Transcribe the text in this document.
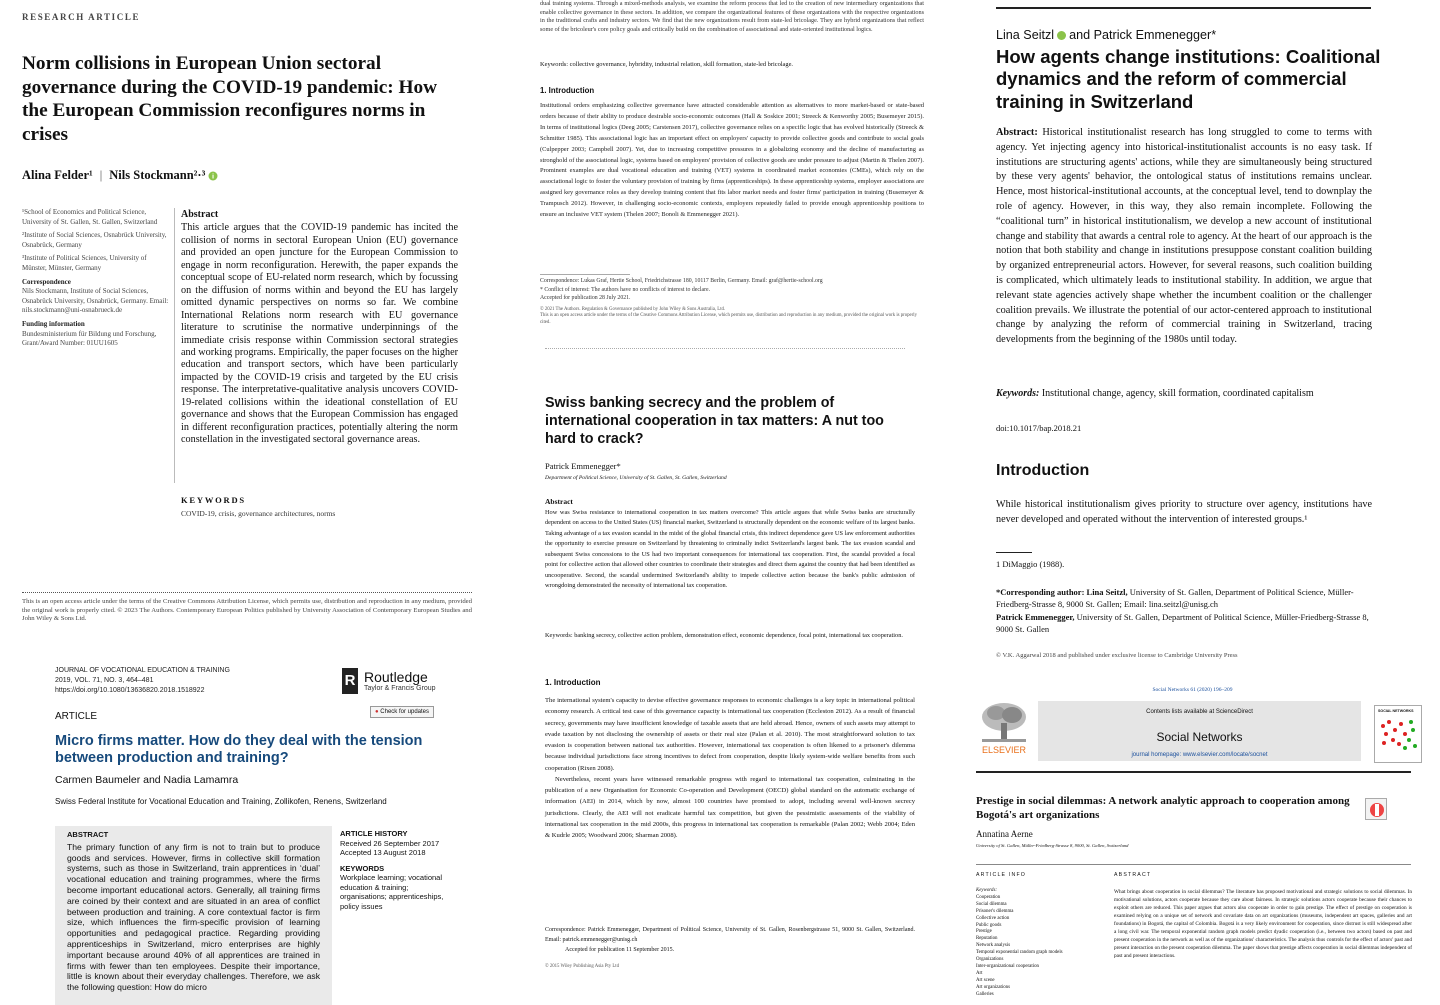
RESEARCH ARTICLE
Norm collisions in European Union sectoral governance during the COVID-19 pandemic: How the European Commission reconfigures norms in crises
Alina Felder¹ | Nils Stockmann²·³ i

¹School of Economics and Political Science, University of St. Gallen, St. Gallen, Switzerland

²Institute of Social Sciences, Osnabrück University, Osnabrück, Germany

³Institute of Political Sciences, University of Münster, Münster, Germany

Correspondence
Nils Stockmann, Institute of Social Sciences, Osnabrück University, Osnabrück, Germany. Email: nils.stockmann@uni-osnabrueck.de

Funding information
Bundesministerium für Bildung und Forschung, Grant/Award Number: 01UU1605

Abstract

This article argues that the COVID-19 pandemic has incited the collision of norms in sectoral European Union (EU) governance and provided an open juncture for the European Commission to engage in norm reconfiguration. Herewith, the paper expands the conceptual scope of EU-related norm research, which by focussing on the diffusion of norms within and beyond the EU has largely omitted dynamic perspectives on norms so far. We combine International Relations norm research with EU governance literature to scrutinise the normative underpinnings of the immediate crisis response within Commission sectoral strategies and working programs. Empirically, the paper focuses on the higher education and transport sectors, which have been particularly impacted by the COVID-19 crisis and targeted by the EU crisis response. The interpretative-qualitative analysis uncovers COVID-19-related collisions within the ideational constellation of EU governance and shows that the European Commission has engaged in different reconfiguration practices, potentially altering the norm constellation in the investigated sectoral governance areas.

KEYWORDS
COVID-19, crisis, governance architectures, norms
This is an open access article under the terms of the Creative Commons Attribution License, which permits use, distribution and reproduction in any medium, provided the original work is properly cited. © 2023 The Authors. Contemporary European Politics published by University Association of Contemporary European Studies and John Wiley & Sons Ltd.
JOURNAL OF VOCATIONAL EDUCATION & TRAINING
2019, VOL. 71, NO. 3, 464–481
https://doi.org/10.1080/13636820.2018.1518922
R Routledge
Taylor & Francis Group
ARTICLE	● Check for updates
Micro firms matter. How do they deal with the tension between production and training?
Carmen Baumeler and Nadia Lamamra
Swiss Federal Institute for Vocational Education and Training, Zollikofen, Renens, Switzerland
ABSTRACT

The primary function of any firm is not to train but to produce goods and services. However, firms in collective skill formation systems, such as those in Switzerland, train apprentices in ‘dual’ vocational education and training programmes, where the firms become important educational actors. Generally, all training firms are coined by their context and are situated in an area of conflict between production and training. A core contextual factor is firm size, which influences the firm-specific provision of learning opportunities and pedagogical practice. Regarding providing apprenticeships in Switzerland, micro enterprises are highly important because around 40% of all apprentices are trained in firms with fewer than ten employees. Despite their importance, little is known about their everyday challenges. Therefore, we ask the following question: How do micro

ARTICLE HISTORY
Received 26 September 2017
Accepted 13 August 2018
KEYWORDS
Workplace learning; vocational education & training; organisations; apprenticeships, policy issues

dual training systems. Through a mixed-methods analysis, we examine the reform process that led to the creation of new intermediary organizations that enable collective governance in these sectors. In addition, we compare the organizational features of these organizations with the respective organizations in the traditional crafts and industry sectors. We find that the new organizations result from state-led bricolage. They are hybrid organizations that reflect some of the bricoleur's core policy goals and critically build on the combination of associational and state-oriented institutional logics.

Keywords: collective governance, hybridity, industrial relation, skill formation, state-led bricolage.
1. Introduction

Institutional orders emphasizing collective governance have attracted considerable attention as alternatives to more market-based or state-based orders because of their ability to produce desirable socio-economic outcomes (Hall & Soskice 2001; Streeck & Kenworthy 2005; Busemeyer 2015). In terms of institutional logics (Deeg 2005; Carstensen 2017), collective governance relies on a specific logic that has evolved historically (Streeck & Schmitter 1985). This associational logic has an important effect on employers' capacity to provide collective goods and contribute to social goals (Culpepper 2003; Campbell 2007). Yet, due to increasing competitive pressures in a globalizing economy and the decline of manufacturing as stronghold of the associational logic, systems based on employers' provision of collective goods are under pressure to adjust (Martin & Thelen 2007). Prominent examples are dual vocational education and training (VET) systems in coordinated market economies (CMEs), which rely on the associational logic to foster the voluntary provision of training by firms (apprenticeships). In these apprenticeship systems, employer associations are assigned key governance roles as they develop training content that fits labor market needs and foster firms' participation in training (Busemeyer & Trampusch 2012). However, in challenging socio-economic contexts, employers repeatedly failed to provide enough apprenticeship positions to ensure an inclusive VET system (Thelen 2007; Bonoli & Emmenegger 2021).

Correspondence: Lukas Graf, Hertie School, Friedrichstrasse 180, 10117 Berlin, Germany. Email: graf@hertie-school.org
* Conflict of interest: The authors have no conflicts of interest to declare.
Accepted for publication 28 July 2021.
© 2021 The Authors. Regulation & Governance published by John Wiley & Sons Australia, Ltd.
This is an open access article under the terms of the Creative Commons Attribution License, which permits use, distribution and reproduction in any medium, provided the original work is properly cited.
Swiss banking secrecy and the problem of international cooperation in tax matters: A nut too hard to crack?
Patrick Emmenegger*
Department of Political Science, University of St. Gallen, St. Gallen, Switzerland
Abstract

How was Swiss resistance to international cooperation in tax matters overcome? This article argues that while Swiss banks are structurally dependent on access to the United States (US) financial market, Switzerland is structurally dependent on the economic welfare of its largest banks. Taking advantage of a tax evasion scandal in the midst of the global financial crisis, this indirect dependence gave US law enforcement authorities the opportunity to exercise pressure on Switzerland by threatening to criminally indict Switzerland's largest bank. The tax evasion scandal and subsequent Swiss concessions to the US had two important consequences for international tax cooperation. First, the scandal provided a focal point for collective action that allowed other countries to coordinate their strategies and direct them against the country that had been identified as uncooperative. Second, the scandal undermined Switzerland's ability to impede collective action because the bank's public admission of wrongdoing demonstrated the necessity of international tax cooperation.

Keywords: banking secrecy, collective action problem, demonstration effect, economic dependence, focal point, international tax cooperation.
1. Introduction

The international system's capacity to devise effective governance responses to economic challenges is a key topic in international political economy research. A critical test case of this governance capacity is international tax cooperation (Eccleston 2012). As a result of financial secrecy, governments may have insufficient knowledge of taxable assets that are held abroad. Hence, owners of such assets may attempt to evade taxation by not disclosing the ownership of assets or their real size (Palan et al. 2010). The most straightforward solution to tax evasion is cooperation between national tax authorities. However, international tax cooperation is often likened to a prisoner's dilemma because individual jurisdictions face strong incentives to defect from cooperation, despite likely system-wide welfare benefits from such cooperation (Rixen 2008).

Nevertheless, recent years have witnessed remarkable progress with regard to international tax cooperation, culminating in the publication of a new Organisation for Economic Co-operation and Development (OECD) global standard on the automatic exchange of information (AEI) in 2014, which by now, almost 100 countries have promised to adopt, including several well-known secrecy jurisdictions. Clearly, the AEI will not eradicate harmful tax competition, but given the pessimistic assessments of the viability of international tax cooperation in the mid 2000s, this progress in international tax cooperation is remarkable (Palan 2002; Webb 2004; Eden & Kudrle 2005; Woodward 2006; Sharman 2008).

Correspondence: Patrick Emmenegger, Department of Political Science, University of St. Gallen, Rosenbergstrasse 51, 9000 St. Gallen, Switzerland. Email: patrick.emmenegger@unisg.ch
Accepted for publication 11 September 2015.
© 2015 Wiley Publishing Asia Pty Ltd
Lina Seitzl and Patrick Emmenegger*
How agents change institutions: Coalitional dynamics and the reform of commercial training in Switzerland

Abstract: Historical institutionalist research has long struggled to come to terms with agency. Yet injecting agency into historical-institutionalist accounts is no easy task. If institutions are structuring agents' actions, while they are simultaneously being structured by these very agents' behavior, the ontological status of institutions remains unclear. Hence, most historical-institutional accounts, at the conceptual level, tend to downplay the role of agency. However, in this way, they also remain incomplete. Following the “coalitional turn” in historical institutionalism, we develop a new account of institutional change and stability that awards a central role to agency. At the heart of our approach is the notion that both stability and change in institutions presuppose constant coalition building by organized entrepreneurial actors. However, for several reasons, such coalition building is complicated, which ultimately leads to institutional stability. In addition, we argue that relevant state agencies actively shape whether the incumbent coalition or the challenger coalition prevails. We illustrate the potential of our actor-centered approach to institutional change by analyzing the reform of commercial training in Switzerland, tracing developments from the beginning of the 1980s until today.

Keywords: Institutional change, agency, skill formation, coordinated capitalism
doi:10.1017/bap.2018.21
Introduction

While historical institutionalism gives priority to structure over agency, institutions have never developed and operated without the intervention of interested groups.¹

1 DiMaggio (1988).
*Corresponding author: Lina Seitzl, University of St. Gallen, Department of Political Science, Müller-Friedberg-Strasse 8, 9000 St. Gallen; Email: lina.seitzl@unisg.ch
Patrick Emmenegger, University of St. Gallen, Department of Political Science, Müller-Friedberg-Strasse 8, 9000 St. Gallen
© V.K. Aggarwal 2018 and published under exclusive license to Cambridge University Press
Social Networks 61 (2020) 196–209
ELSEVIER
Contents lists available at ScienceDirect
Social Networks
journal homepage: www.elsevier.com/locate/socnet
SOCIAL NETWORKS
Prestige in social dilemmas: A network analytic approach to cooperation among Bogotá's art organizations
Annatina Aerne
University of St. Gallen, Müller-Friedberg-Strasse 8, 9000, St. Gallen, Switzerland
ARTICLE INFO
Keywords:
Cooperation
Social dilemma
Prisoner's dilemma
Collective action
Public goods
Prestige
Reputation
Network analysis
Temporal exponential random graph models
Organizations
Inter-organizational cooperation
Art
Art scene
Art organizations
Galleries
ABSTRACT

What brings about cooperation in social dilemmas? The literature has proposed motivational and strategic solutions to social dilemmas. In motivational solutions, actors cooperate because they care about fairness. In strategic solutions actors cooperate because their chances to exploit others are reduced. This paper argues that actors also cooperate in order to gain prestige. The effect of prestige on cooperation is examined relying on a unique set of network and covariate data on art organizations (museums, independent art spaces, galleries and art foundations) in Bogotá, the capital of Colombia. Bogotá is a very likely environment for cooperation, since distrust is still widespread after a long civil war. The temporal exponential random graph models predict dyadic cooperation (i.e., between two actors) based on past and present cooperation in the network as well as of the organizations' characteristics. The analysis thus controls for the effect of actors' past and present interaction on the present cooperation dilemma. The paper shows that prestige affects cooperation in social dilemmas independent of past and present interactions.
